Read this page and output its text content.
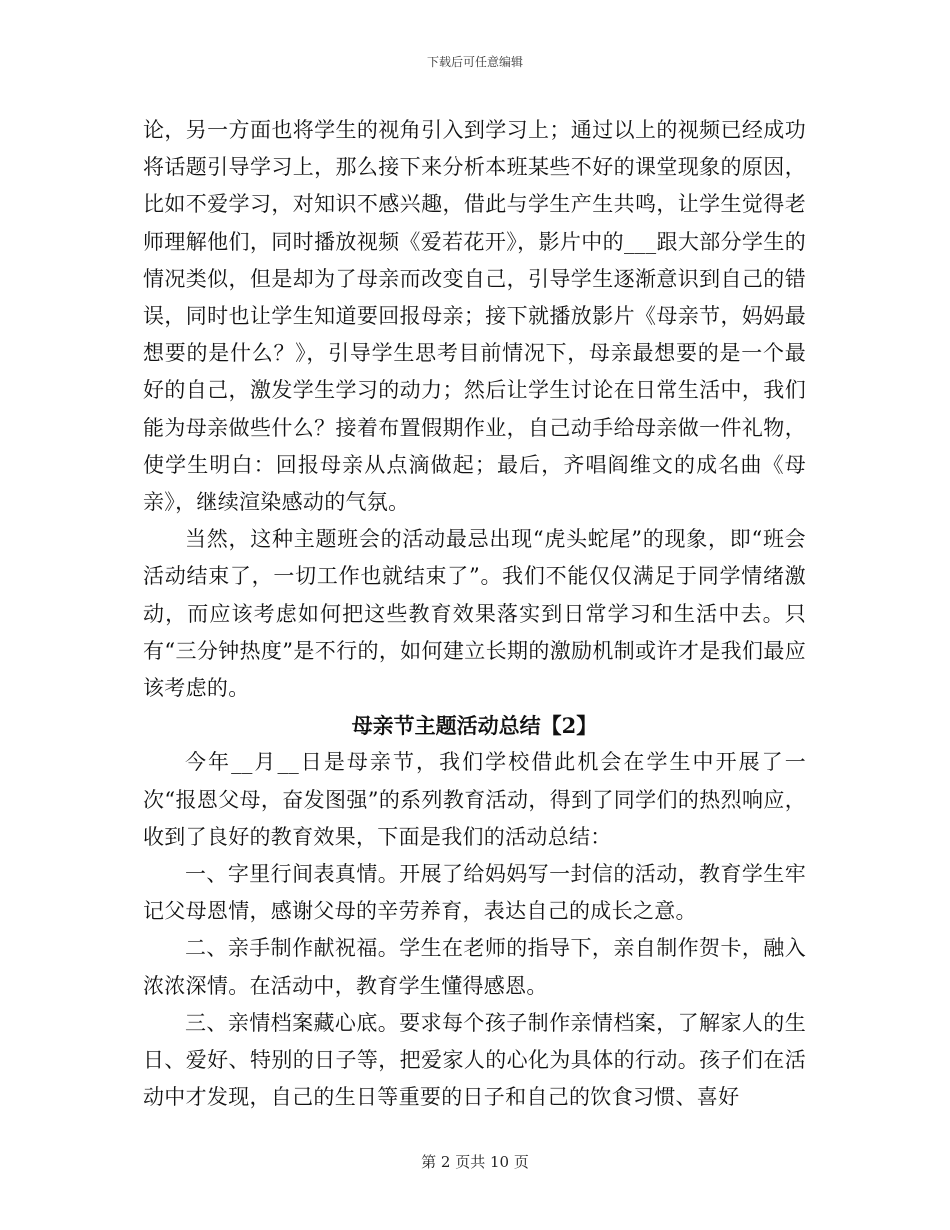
下载后可任意编辑

论，另一方面也将学生的视角引入到学习上；通过以上的视频已经成功将话题引导学习上，那么接下来分析本班某些不好的课堂现象的原因，比如不爱学习，对知识不感兴趣，借此与学生产生共鸣，让学生觉得老师理解他们，同时播放视频《爱若花开》，影片中的___跟大部分学生的情况类似，但是却为了母亲而改变自己，引导学生逐渐意识到自己的错误，同时也让学生知道要回报母亲；接下就播放影片《母亲节，妈妈最想要的是什么？》，引导学生思考目前情况下，母亲最想要的是一个最好的自己，激发学生学习的动力；然后让学生讨论在日常生活中，我们能为母亲做些什么？接着布置假期作业，自己动手给母亲做一件礼物，使学生明白：回报母亲从点滴做起；最后，齐唱阎维文的成名曲《母亲》，继续渲染感动的气氛。

当然，这种主题班会的活动最忌出现“虎头蛇尾”的现象，即“班会活动结束了，一切工作也就结束了”。我们不能仅仅满足于同学情绪激动，而应该考虑如何把这些教育效果落实到日常学习和生活中去。只有“三分钟热度”是不行的，如何建立长期的激励机制或许才是我们最应该考虑的。

母亲节主题活动总结【2】

今年__月__日是母亲节，我们学校借此机会在学生中开展了一次“报恩父母，奋发图强”的系列教育活动，得到了同学们的热烈响应，收到了良好的教育效果，下面是我们的活动总结：

一、字里行间表真情。开展了给妈妈写一封信的活动，教育学生牢记父母恩情，感谢父母的辛劳养育，表达自己的成长之意。

二、亲手制作献祝福。学生在老师的指导下，亲自制作贺卡，融入浓浓深情。在活动中，教育学生懂得感恩。

三、亲情档案藏心底。要求每个孩子制作亲情档案，了解家人的生日、爱好、特别的日子等，把爱家人的心化为具体的行动。孩子们在活动中才发现，自己的生日等重要的日子和自己的饮食习惯、喜好

第 2 页共 10 页
